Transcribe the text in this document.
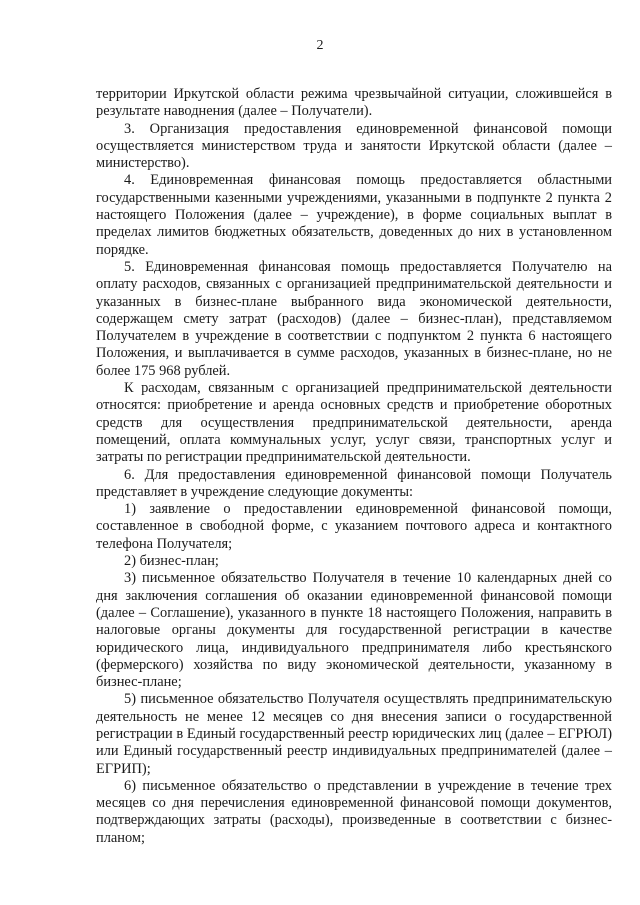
2

территории Иркутской области режима чрезвычайной ситуации, сложившейся в результате наводнения (далее – Получатели).

3. Организация предоставления единовременной финансовой помощи осуществляется министерством труда и занятости Иркутской области (далее – министерство).

4. Единовременная финансовая помощь предоставляется областными государственными казенными учреждениями, указанными в подпункте 2 пункта 2 настоящего Положения (далее – учреждение), в форме социальных выплат в пределах лимитов бюджетных обязательств, доведенных до них в установленном порядке.

5. Единовременная финансовая помощь предоставляется Получателю на оплату расходов, связанных с организацией предпринимательской деятельности и указанных в бизнес-плане выбранного вида экономической деятельности, содержащем смету затрат (расходов) (далее – бизнес-план), представляемом Получателем в учреждение в соответствии с подпунктом 2 пункта 6 настоящего Положения, и выплачивается в сумме расходов, указанных в бизнес-плане, но не более 175 968 рублей.

К расходам, связанным с организацией предпринимательской деятельности относятся: приобретение и аренда основных средств и приобретение оборотных средств для осуществления предпринимательской деятельности, аренда помещений, оплата коммунальных услуг, услуг связи, транспортных услуг и затраты по регистрации предпринимательской деятельности.

6. Для предоставления единовременной финансовой помощи Получатель представляет в учреждение следующие документы:

1) заявление о предоставлении единовременной финансовой помощи, составленное в свободной форме, с указанием почтового адреса и контактного телефона Получателя;

2) бизнес-план;

3) письменное обязательство Получателя в течение 10 календарных дней со дня заключения соглашения об оказании единовременной финансовой помощи (далее – Соглашение), указанного в пункте 18 настоящего Положения, направить в налоговые органы документы для государственной регистрации в качестве юридического лица, индивидуального предпринимателя либо крестьянского (фермерского) хозяйства по виду экономической деятельности, указанному в бизнес-плане;

5) письменное обязательство Получателя осуществлять предпринимательскую деятельность не менее 12 месяцев со дня внесения записи о государственной регистрации в Единый государственный реестр юридических лиц (далее – ЕГРЮЛ) или Единый государственный реестр индивидуальных предпринимателей (далее – ЕГРИП);

6) письменное обязательство о представлении в учреждение в течение трех месяцев со дня перечисления единовременной финансовой помощи документов, подтверждающих затраты (расходы), произведенные в соответствии с бизнес-планом;
